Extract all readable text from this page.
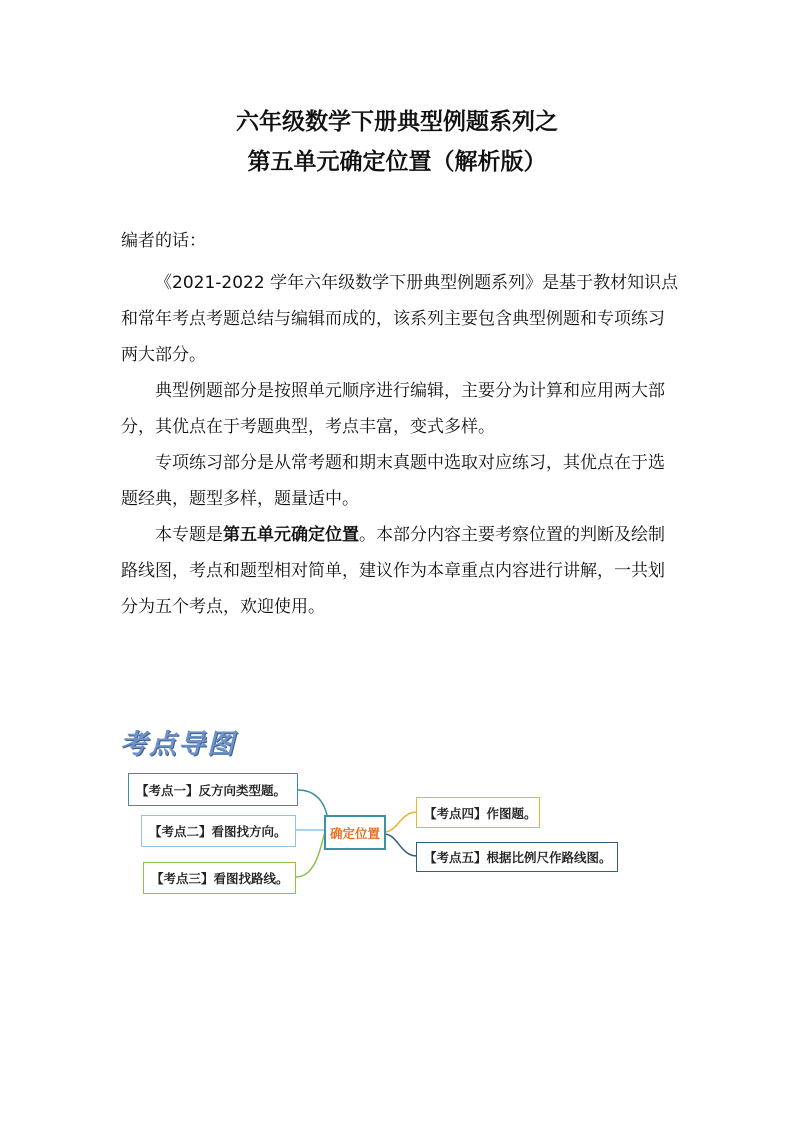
六年级数学下册典型例题系列之
第五单元确定位置（解析版）
编者的话：

《2021-2022 学年六年级数学下册典型例题系列》是基于教材知识点和常年考点考题总结与编辑而成的，该系列主要包含典型例题和专项练习两大部分。

典型例题部分是按照单元顺序进行编辑，主要分为计算和应用两大部分，其优点在于考题典型，考点丰富，变式多样。

专项练习部分是从常考题和期末真题中选取对应练习，其优点在于选题经典，题型多样，题量适中。

本专题是第五单元确定位置。本部分内容主要考察位置的判断及绘制路线图，考点和题型相对简单，建议作为本章重点内容进行讲解，一共划分为五个考点，欢迎使用。

考点导图
【考点一】反方向类型题。
【考点二】看图找方向。
【考点三】看图找路线。
确定位置
【考点四】作图题。
【考点五】根据比例尺作路线图。
